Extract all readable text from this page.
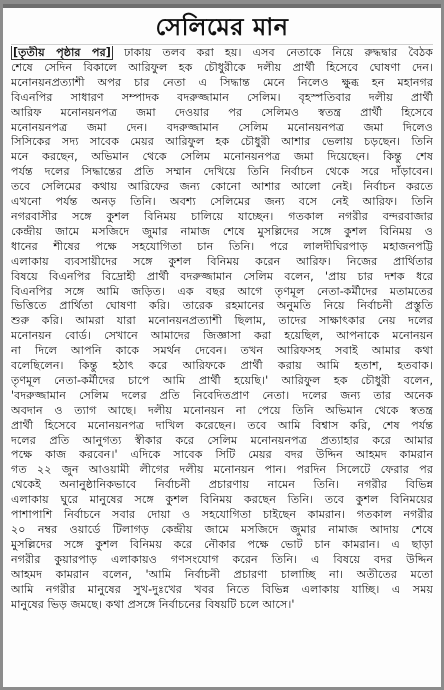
সেলিমের মান
[তৃতীয় পৃষ্ঠার পর] ঢাকায় তলব করা হয়। এসব নেতাকে নিয়ে রুদ্ধদ্বার বৈঠক
শেষে সেদিন বিকালে আরিফুল হক চৌধুরীকে দলীয় প্রার্থী হিসেবে ঘোষণা দেন।
মনোনয়নপ্রত্যাশী অপর চার নেতা এ সিদ্ধান্ত মেনে নিলেও ক্ষুব্ধ হন মহানগর
বিএনপির সাধারণ সম্পাদক বদরুজ্জামান সেলিম। বৃহস্পতিবার দলীয় প্রার্থী
আরিফ মনোনয়নপত্র জমা দেওয়ার পর সেলিমও স্বতন্ত্র প্রার্থী হিসেবে
মনোনয়নপত্র জমা দেন। বদরুজ্জামান সেলিম মনোনয়নপত্র জমা দিলেও
সিসিকের সদ্য সাবেক মেয়র আরিফুল হক চৌধুরী আশার ভেলায় চড়ছেন। তিনি
মনে করছেন, অভিমান থেকে সেলিম মনোনয়নপত্র জমা দিয়েছেন। কিন্তু শেষ
পর্যন্ত দলের সিদ্ধান্তের প্রতি সম্মান দেখিয়ে তিনি নির্বাচন থেকে সরে দাঁড়াবেন।
তবে সেলিমের কথায় আরিফের জন্য কোনো আশার আলো নেই। নির্বাচন করতে
এখনো পর্যন্ত অনড় তিনি। অবশ্য সেলিমের জন্য বসে নেই আরিফ। তিনি
নগরবাসীর সঙ্গে কুশল বিনিময় চালিয়ে যাচ্ছেন। গতকাল নগরীর বন্দরবাজার
কেন্দ্রীয় জামে মসজিদে জুমার নামাজ শেষে মুসল্লিদের সঙ্গে কুশল বিনিময় ও
ধানের শীষের পক্ষে সহযোগিতা চান তিনি। পরে লালদীঘিরপাড় মহাজনপট্টি
এলাকায় ব্যবসায়ীদের সঙ্গে কুশল বিনিময় করেন আরিফ। নিজের প্রার্থিতার
বিষয়ে বিএনপির বিদ্রোহী প্রার্থী বদরুজ্জামান সেলিম বলেন, 'প্রায় চার দশক ধরে
বিএনপির সঙ্গে আমি জড়িত। এক বছর আগে তৃণমূল নেতা-কর্মীদের মতামতের
ভিত্তিতে প্রার্থিতা ঘোষণা করি। তারেক রহমানের অনুমতি নিয়ে নির্বাচনী প্রস্তুতি
শুরু করি। আমরা যারা মনোনয়নপ্রত্যাশী ছিলাম, তাদের সাক্ষাৎকার নেয় দলের
মনোনয়ন বোর্ড। সেখানে আমাদের জিজ্ঞাসা করা হয়েছিল, আপনাকে মনোনয়ন
না দিলে আপনি কাকে সমর্থন দেবেন। তখন আরিফসহ সবাই আমার কথা
বলেছিলেন। কিন্তু হঠাৎ করে আরিফকে প্রার্থী করায় আমি হতাশ, হতবাক।
তৃণমূল নেতা-কর্মীদের চাপে আমি প্রার্থী হয়েছি।' আরিফুল হক চৌধুরী বলেন,
'বদরুজ্জামান সেলিম দলের প্রতি নিবেদিতপ্রাণ নেতা। দলের জন্য তার অনেক
অবদান ও ত্যাগ আছে। দলীয় মনোনয়ন না পেয়ে তিনি অভিমান থেকে স্বতন্ত্র
প্রার্থী হিসেবে মনোনয়নপত্র দাখিল করেছেন। তবে আমি বিশ্বাস করি, শেষ পর্যন্ত
দলের প্রতি আনুগত্য স্বীকার করে সেলিম মনোনয়নপত্র প্রত্যাহার করে আমার
পক্ষে কাজ করবেন।' এদিকে সাবেক সিটি মেয়র বদর উদ্দিন আহমদ কামরান
গত ২২ জুন আওয়ামী লীগের দলীয় মনোনয়ন পান। পরদিন সিলেটে ফেরার পর
থেকেই অনানুষ্ঠানিকভাবে নির্বাচনী প্রচারণায় নামেন তিনি। নগরীর বিভিন্ন
এলাকায় ঘুরে মানুষের সঙ্গে কুশল বিনিময় করছেন তিনি। তবে কুশল বিনিময়ের
পাশাপাশি নির্বাচনে সবার দোয়া ও সহযোগিতা চাইছেন কামরান। গতকাল নগরীর
২০ নম্বর ওয়ার্ডে টিলাগড় কেন্দ্রীয় জামে মসজিদে জুমার নামাজ আদায় শেষে
মুসল্লিদের সঙ্গে কুশল বিনিময় করে নৌকার পক্ষে ভোট চান কামরান। এ ছাড়া
নগরীর কুয়ারপাড় এলাকায়ও গণসংযোগ করেন তিনি। এ বিষয়ে বদর উদ্দিন
আহমদ কামরান বলেন, 'আমি নির্বাচনী প্রচারণা চালাচ্ছি না। অতীতের মতো
আমি নগরীর মানুষের সুখ-দুঃখের খবর নিতে বিভিন্ন এলাকায় যাচ্ছি। এ সময়
মানুষের ভিড় জমছে। কথা প্রসঙ্গে নির্বাচনের বিষয়টি চলে আসে।'
